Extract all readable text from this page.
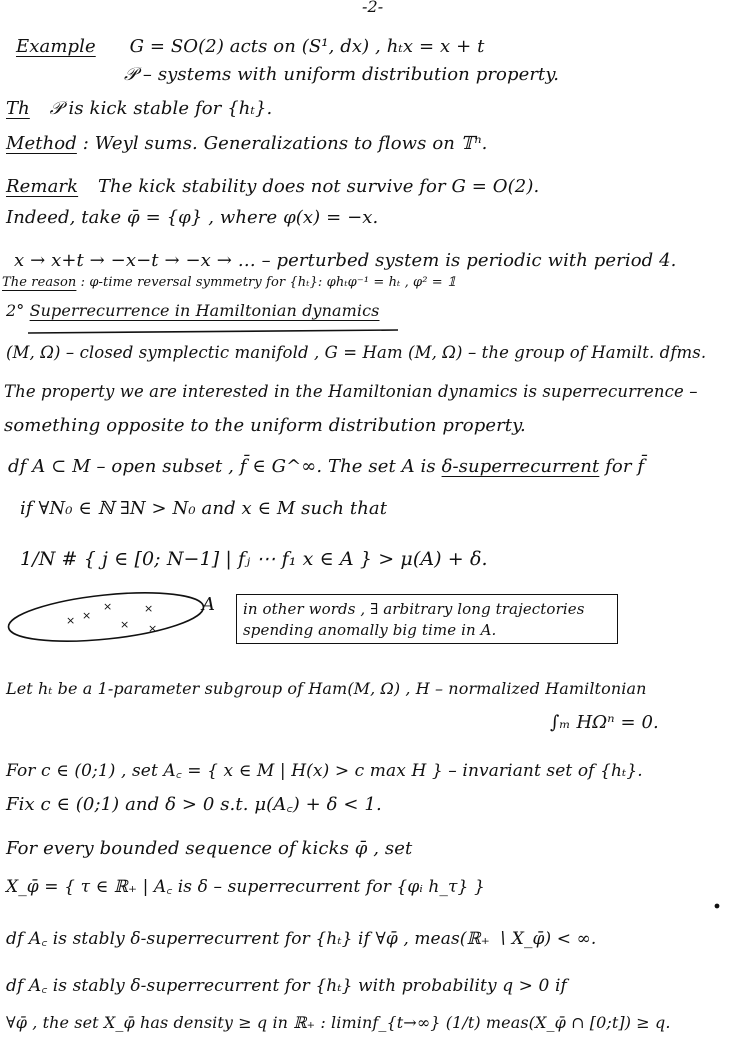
-2-
Example G = SO(2) acts on (S¹, dx) , hₜx = x + t
𝒫 – systems with uniform distribution property.
Th 𝒫 is kick stable for {hₜ}.
Method : Weyl sums. Generalizations to flows on 𝕋ⁿ.
Remark The kick stability does not survive for G = O(2).
Indeed, take φ̄ = {φ} , where φ(x) = −x.
x → x+t → −x−t → −x → … – perturbed system is periodic with period 4.
The reason : φ-time reversal symmetry for {hₜ}: φhₜφ⁻¹ = hₜ , φ² = 𝟙
2° Superrecurrence in Hamiltonian dynamics
(M, Ω) – closed symplectic manifold , G = Ham (M, Ω) – the group of Hamilt. dfms.
The property we are interested in the Hamiltonian dynamics is superrecurrence –
something opposite to the uniform distribution property.
df A ⊂ M – open subset , f̄ ∈ G^∞. The set A is δ-superrecurrent for f̄
if ∀N₀ ∈ ℕ ∃N > N₀ and x ∈ M such that
1/N # { j ∈ [0; N−1] | fⱼ ⋯ f₁ x ∈ A } > μ(A) + δ.
× ×
×
×
×
×
A in other words , ∃ arbitrary long trajectories
spending anomally big time in A.
Let hₜ be a 1-parameter subgroup of Ham(M, Ω) , H – normalized Hamiltonian
∫ₘ HΩⁿ = 0.
For c ∈ (0;1) , set A꜀ = { x ∈ M | H(x) > c max H } – invariant set of {hₜ}.
Fix c ∈ (0;1) and δ > 0 s.t. μ(A꜀) + δ < 1.
For every bounded sequence of kicks φ̄ , set
X_φ̄ = { τ ∈ ℝ₊ | A꜀ is δ – superrecurrent for {φᵢ h_τ} }
df A꜀ is stably δ-superrecurrent for {hₜ} if ∀φ̄ , meas(ℝ₊ ∖ X_φ̄) < ∞.
df A꜀ is stably δ-superrecurrent for {hₜ} with probability q > 0 if
∀φ̄ , the set X_φ̄ has density ≥ q in ℝ₊ : liminf_{t→∞} (1/t) meas(X_φ̄ ∩ [0;t]) ≥ q.
